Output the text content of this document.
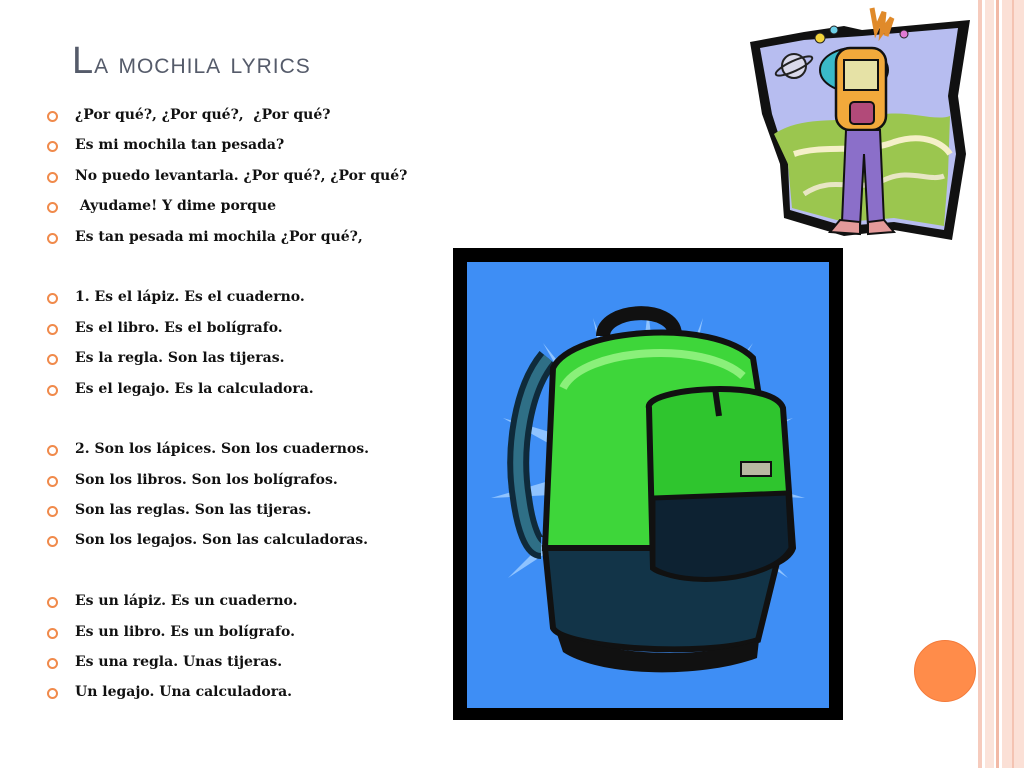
La mochila lyrics
¿Por qué?, ¿Por qué?,  ¿Por qué?
Es mi mochila tan pesada?
No puedo levantarla. ¿Por qué?, ¿Por qué?
Ayudame! Y dime porque
Es tan pesada mi mochila ¿Por qué?,
1. Es el lápiz. Es el cuaderno.
Es el libro. Es el bolígrafo.
Es la regla. Son las tijeras.
Es el legajo. Es la calculadora.
2. Son los lápices. Son los cuadernos.
Son los libros. Son los bolígrafos.
Son las reglas. Son las tijeras.
Son los legajos. Son las calculadoras.
Es un lápiz. Es un cuaderno.
Es un libro. Es un bolígrafo.
Es una regla. Unas tijeras.
Un legajo. Una calculadora.
